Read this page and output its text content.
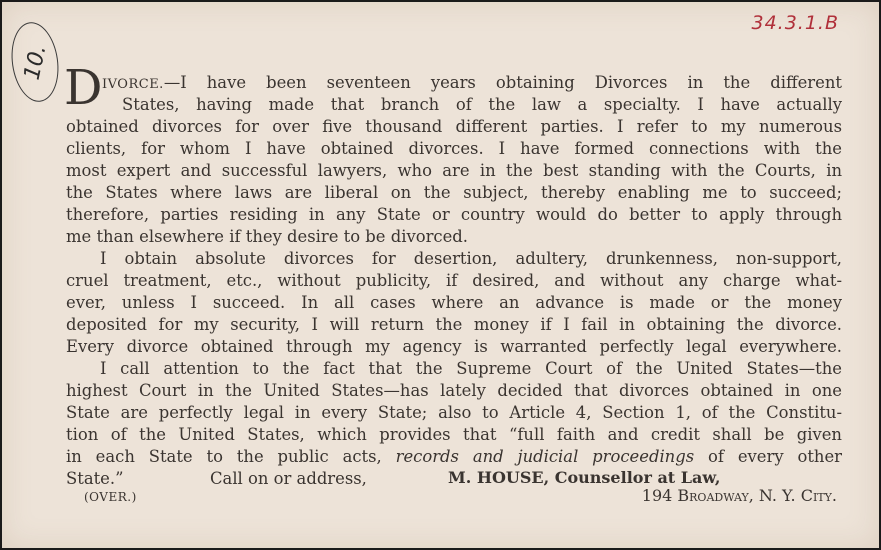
34.3.1.B
10. D IVORCE.—I have been seventeen years obtaining Divorces in the different
States, having made that branch of the law a specialty. I have actually
obtained divorces for over five thousand different parties. I refer to my numerous
clients, for whom I have obtained divorces. I have formed connections with the
most expert and successful lawyers, who are in the best standing with the Courts, in
the States where laws are liberal on the subject, thereby enabling me to succeed;
therefore, parties residing in any State or country would do better to apply through
me than elsewhere if they desire to be divorced.
I obtain absolute divorces for desertion, adultery, drunkenness, non-support,
cruel treatment, etc., without publicity, if desired, and without any charge what-
ever, unless I succeed. In all cases where an advance is made or the money
deposited for my security, I will return the money if I fail in obtaining the divorce.
Every divorce obtained through my agency is warranted perfectly legal everywhere.
I call attention to the fact that the Supreme Court of the United States—the
highest Court in the United States—has lately decided that divorces obtained in one
State are perfectly legal in every State; also to Article 4, Section 1, of the Constitu-
tion of the United States, which provides that “full faith and credit shall be given
in each State to the public acts, records and judicial proceedings of every other
State.”	Call on or address,	M. HOUSE, Counsellor at Law,
(OVER.)	194 Broadway, N. Y. City.
